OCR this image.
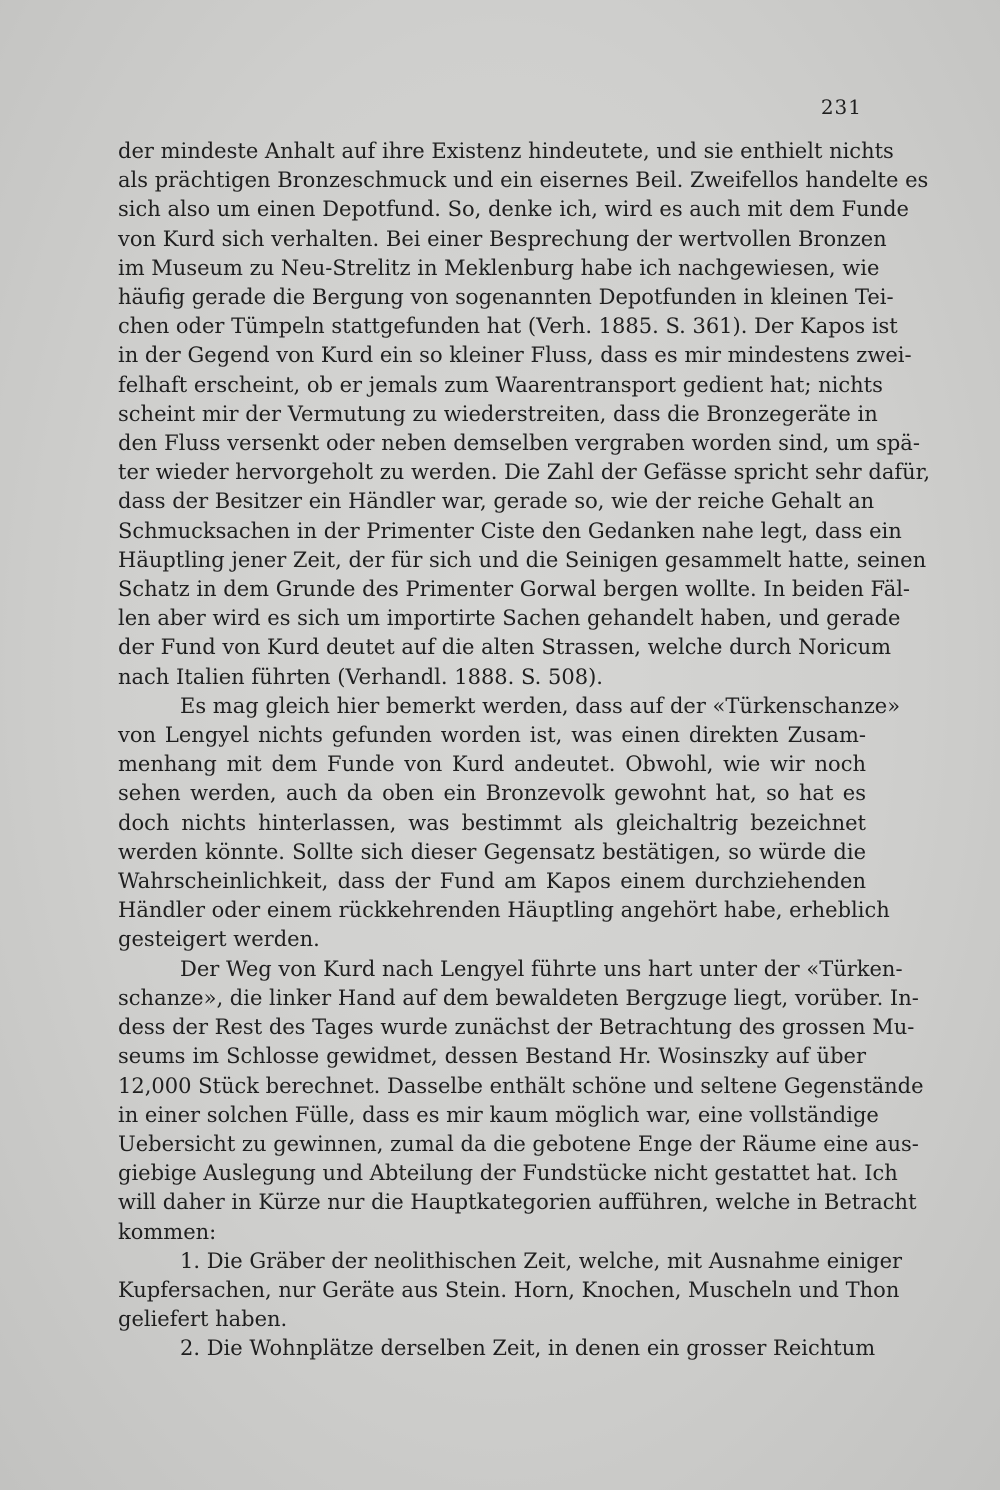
231

der mindeste Anhalt auf ihre Existenz hindeutete, und sie enthielt nichts
als prächtigen Bronzeschmuck und ein eisernes Beil. Zweifellos handelte es
sich also um einen Depotfund. So, denke ich, wird es auch mit dem Funde
von Kurd sich verhalten. Bei einer Besprechung der wertvollen Bronzen
im Museum zu Neu-Strelitz in Meklenburg habe ich nachgewiesen, wie
häufig gerade die Bergung von sogenannten Depotfunden in kleinen Tei-
chen oder Tümpeln stattgefunden hat (Verh. 1885. S. 361). Der Kapos ist
in der Gegend von Kurd ein so kleiner Fluss, dass es mir mindestens zwei-
felhaft erscheint, ob er jemals zum Waarentransport gedient hat; nichts
scheint mir der Vermutung zu wiederstreiten, dass die Bronzegeräte in
den Fluss versenkt oder neben demselben vergraben worden sind, um spä-
ter wieder hervorgeholt zu werden. Die Zahl der Gefässe spricht sehr dafür,
dass der Besitzer ein Händler war, gerade so, wie der reiche Gehalt an
Schmucksachen in der Primenter Ciste den Gedanken nahe legt, dass ein
Häuptling jener Zeit, der für sich und die Seinigen gesammelt hatte, seinen
Schatz in dem Grunde des Primenter Gorwal bergen wollte. In beiden Fäl-
len aber wird es sich um importirte Sachen gehandelt haben, und gerade
der Fund von Kurd deutet auf die alten Strassen, welche durch Noricum
nach Italien führten (Verhandl. 1888. S. 508).

Es mag gleich hier bemerkt werden, dass auf der «Türkenschanze»
von Lengyel nichts gefunden worden ist, was einen direkten Zusam-
menhang mit dem Funde von Kurd andeutet. Obwohl, wie wir noch
sehen werden, auch da oben ein Bronzevolk gewohnt hat, so hat es
doch nichts hinterlassen, was bestimmt als gleichaltrig bezeichnet
werden könnte. Sollte sich dieser Gegensatz bestätigen, so würde die
Wahrscheinlichkeit, dass der Fund am Kapos einem durchziehenden
Händler oder einem rückkehrenden Häuptling angehört habe, erheblich
gesteigert werden.

Der Weg von Kurd nach Lengyel führte uns hart unter der «Türken-
schanze», die linker Hand auf dem bewaldeten Bergzuge liegt, vorüber. In-
dess der Rest des Tages wurde zunächst der Betrachtung des grossen Mu-
seums im Schlosse gewidmet, dessen Bestand Hr. Wosinszky auf über
12,000 Stück berechnet. Dasselbe enthält schöne und seltene Gegenstände
in einer solchen Fülle, dass es mir kaum möglich war, eine vollständige
Uebersicht zu gewinnen, zumal da die gebotene Enge der Räume eine aus-
giebige Auslegung und Abteilung der Fundstücke nicht gestattet hat. Ich
will daher in Kürze nur die Hauptkategorien aufführen, welche in Betracht
kommen:

1. Die Gräber der neolithischen Zeit, welche, mit Ausnahme einiger
Kupfersachen, nur Geräte aus Stein. Horn, Knochen, Muscheln und Thon
geliefert haben.

2. Die Wohnplätze derselben Zeit, in denen ein grosser Reichtum
